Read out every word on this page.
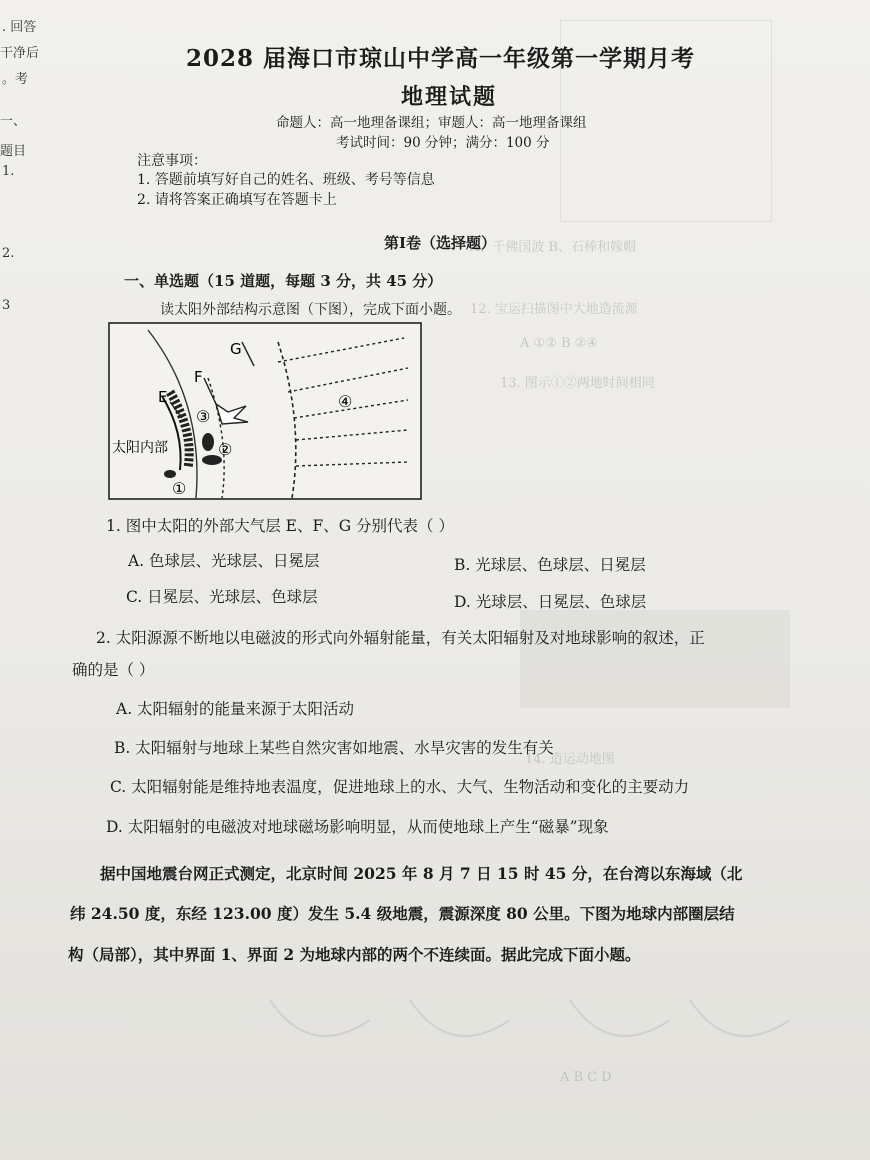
A、千佛国波 B、石棒和嫁帽
12. 宝运扫描图中大地造流源
A ①② B ②④
13. 图示①②两地时间相同
14. 造运动地图
A B C D
. 回答
干净后
。考
一、
题目
1.
2.
3
2028 届海口市琼山中学高一年级第一学期月考
地理试题
命题人：高一地理备课组；审题人：高一地理备课组
考试时间：90 分钟；满分：100 分
注意事项：
1. 答题前填写好自己的姓名、班级、考号等信息
2. 请将答案正确填写在答题卡上
第Ⅰ卷（选择题）
一、单选题（15 道题，每题 3 分，共 45 分）
读太阳外部结构示意图（下图），完成下面小题。
G
F
E
太阳内部
③
②
④
①
1. 图中太阳的外部大气层 E、F、G 分别代表（ ）
A. 色球层、光球层、日冕层	B. 光球层、色球层、日冕层
C. 日冕层、光球层、色球层	D. 光球层、日冕层、色球层
2. 太阳源源不断地以电磁波的形式向外辐射能量，有关太阳辐射及对地球影响的叙述，正
确的是（ ）
A. 太阳辐射的能量来源于太阳活动
B. 太阳辐射与地球上某些自然灾害如地震、水旱灾害的发生有关
C. 太阳辐射能是维持地表温度，促进地球上的水、大气、生物活动和变化的主要动力
D. 太阳辐射的电磁波对地球磁场影响明显，从而使地球上产生“磁暴”现象
据中国地震台网正式测定，北京时间 2025 年 8 月 7 日 15 时 45 分，在台湾以东海域（北
纬 24.50 度，东经 123.00 度）发生 5.4 级地震，震源深度 80 公里。下图为地球内部圈层结
构（局部），其中界面 1、界面 2 为地球内部的两个不连续面。据此完成下面小题。
